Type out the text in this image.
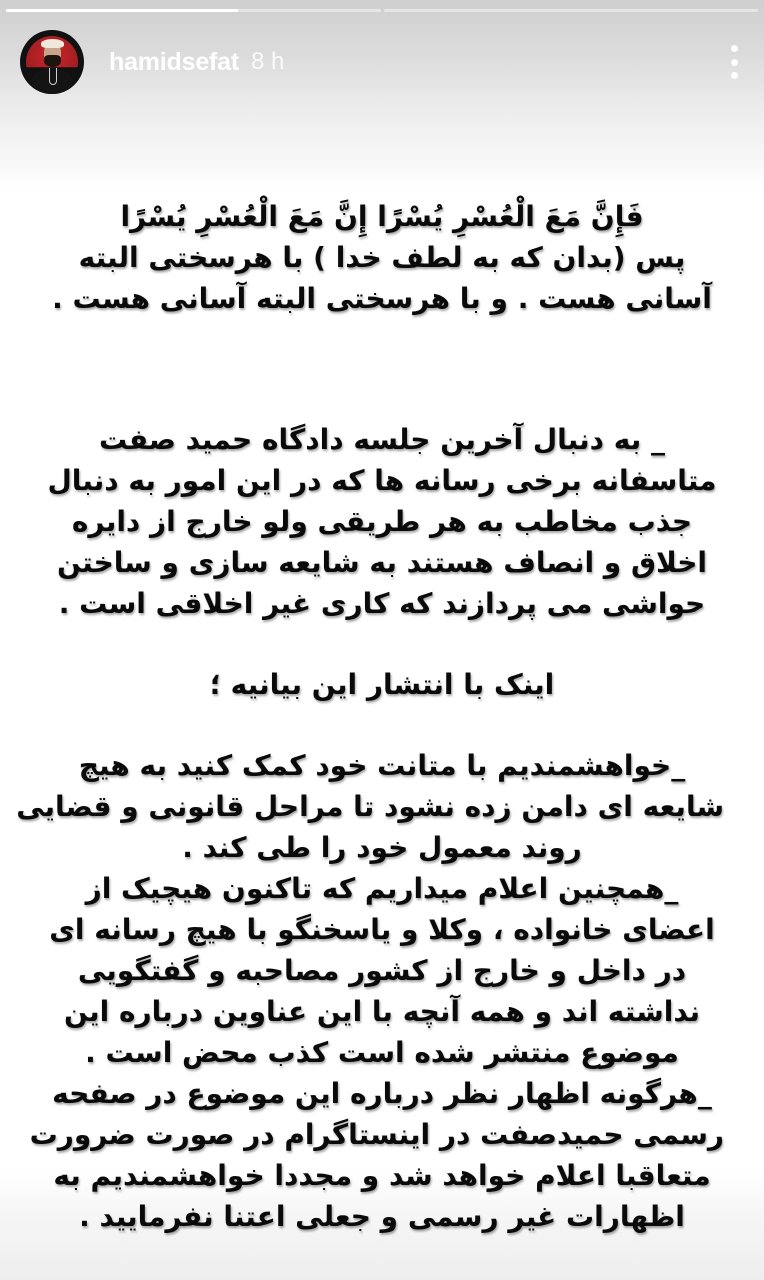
hamidsefat 8 h
فَإِنَّ مَعَ الْعُسْرِ یُسْرًا إِنَّ مَعَ الْعُسْرِ یُسْرًا
پس (بدان که به لطف خدا ) با هرسختی البته
آسانی هست . و با هرسختی البته آسانی هست .
_ به دنبال آخرین جلسه دادگاه حمید صفت
متاسفانه برخی رسانه ها که در این امور به دنبال
جذب مخاطب به هر طریقی ولو خارج از دایره
اخلاق و انصاف هستند به شایعه سازی و ساختن
حواشی می پردازند که کاری غیر اخلاقی است .
اینک با انتشار این بیانیه ؛
_خواهشمندیم با متانت خود کمک کنید به هیچ
شایعه ای دامن زده نشود تا مراحل قانونی و قضایی
روند معمول خود را طی کند .
_همچنین اعلام میداریم که تاکنون هیچیک از
اعضای خانواده ، وکلا و یاسخنگو با هیچ رسانه ای
در داخل و خارج از کشور مصاحبه و گفتگویی
نداشته اند و همه آنچه با این عناوین درباره این
موضوع منتشر شده است کذب محض است .
_هرگونه اظهار نظر درباره این موضوع در صفحه
رسمی حمیدصفت در اینستاگرام در صورت ضرورت
متعاقبا اعلام خواهد شد و مجددا خواهشمندیم به
اظهارات غیر رسمی و جعلی اعتنا نفرمایید .
